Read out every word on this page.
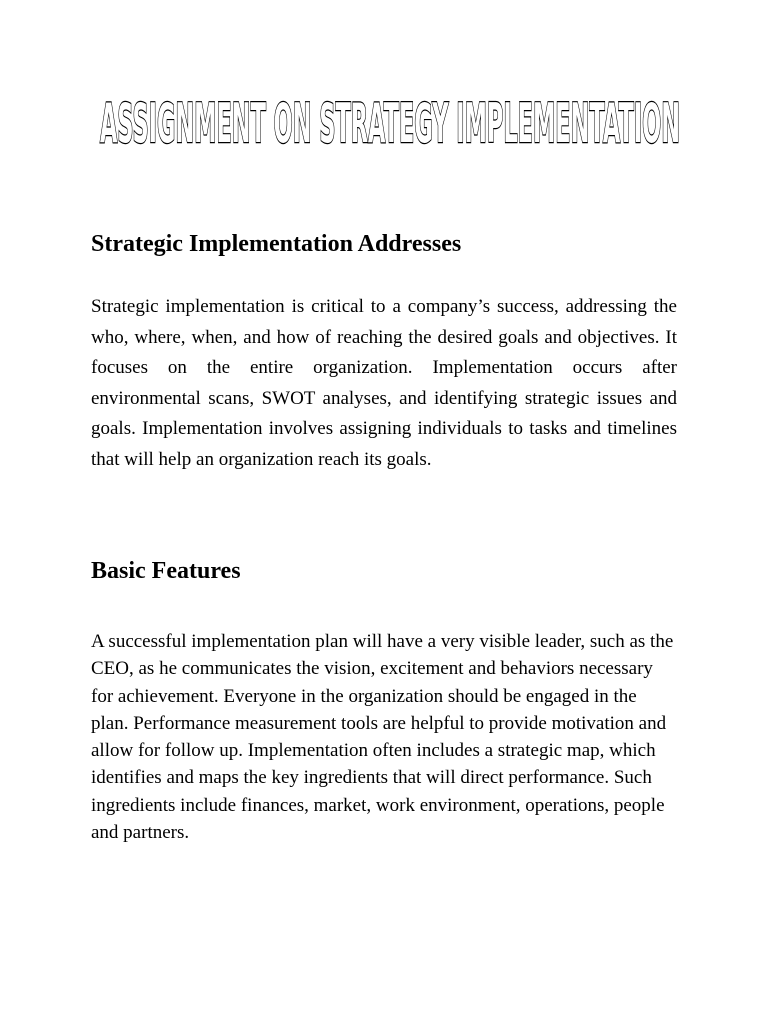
ASSIGNMENT ON STRATEGY IMPLEMENTATION
Strategic Implementation Addresses

Strategic implementation is critical to a company’s success, addressing the who, where, when, and how of reaching the desired goals and objectives. It focuses on the entire organization. Implementation occurs after environmental scans, SWOT analyses, and identifying strategic issues and goals. Implementation involves assigning individuals to tasks and timelines that will help an organization reach its goals.

Basic Features

A successful implementation plan will have a very visible leader, such as the CEO, as he communicates the vision, excitement and behaviors necessary for achievement. Everyone in the organization should be engaged in the plan. Performance measurement tools are helpful to provide motivation and allow for follow up. Implementation often includes a strategic map, which identifies and maps the key ingredients that will direct performance. Such ingredients include finances, market, work environment, operations, people and partners.
